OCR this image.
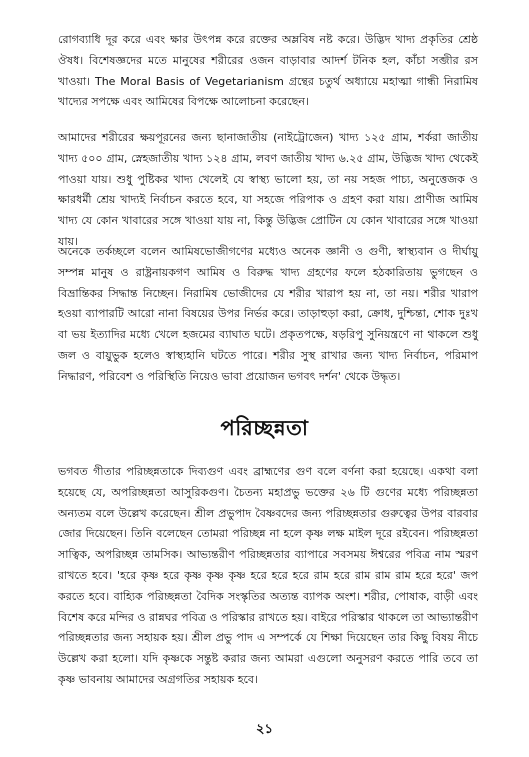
রোগব্যাধি দূর করে এবং ক্ষার উৎপন্ন করে রক্তের অম্লবিষ নষ্ট করে। উদ্ভিদ খাদ্য প্রকৃতির শ্রেষ্ঠ ঔষধ। বিশেষজ্ঞদের মতে মানুষের শরীরের ওজন বাড়াবার আদর্শ টনিক হল, কাঁচা সব্জীর রস খাওয়া। The Moral Basis of Vegetarianism গ্রন্থের চতুর্থ অধ্যায়ে মহাত্মা গান্ধী নিরামিষ খাদ্যের সপক্ষে এবং আমিষের বিপক্ষে আলোচনা করেছেন।

আমাদের শরীরের ক্ষয়পূরনের জন্য ছানাজাতীয় (নাইট্রোজেন) খাদ্য ১২৫ গ্রাম, শর্করা জাতীয় খাদ্য ৫০০ গ্রাম, স্নেহজাতীয় খাদ্য ১২৪ গ্রাম, লবণ জাতীয় খাদ্য ৬.২৫ গ্রাম, উদ্ভিজ খাদ্য থেকেই পাওয়া যায়। শুধু পুষ্টিকর খাদ্য খেলেই যে স্বাস্থ্য ভালো হয়, তা নয় সহজ পাচ্য, অনুত্তেজক ও ক্ষারধর্মী শ্রেয় খাদ্যই নির্বাচন করতে হবে, যা সহজে পরিপাক ও গ্রহণ করা যায়। প্রাণীজ আমিষ খাদ্য যে কোন খাবারের সঙ্গে খাওয়া যায় না, কিন্তু উদ্ভিজ প্রোটিন যে কোন খাবারের সঙ্গে খাওয়া যায়।

অনেকে তর্কচ্ছলে বলেন আমিষভোজীগণের মধ্যেও অনেক জ্ঞানী ও গুণী, স্বাস্থ্যবান ও দীর্ঘায়ু সম্পন্ন মানুষ ও রাষ্ট্রনায়কগণ আমিষ ও বিরুদ্ধ খাদ্য গ্রহণের ফলে হঠকারিতায় ভুগছেন ও বিভ্রান্তিকর সিদ্ধান্ত নিচ্ছেন। নিরামিষ ভোজীদের যে শরীর খারাপ হয় না, তা নয়। শরীর খারাপ হওয়া ব্যাপারটি আরো নানা বিষয়ের উপর নির্ভর করে। তাড়াহুড়া করা, ক্রোধ, দুশ্চিন্তা, শোক দুঃখ বা ভয় ইত্যাদির মধ্যে খেলে হজমের ব্যাঘাত ঘটে। প্রকৃতপক্ষে, ষড়রিপু সুনিয়ন্ত্রণে না থাকলে শুধু জল ও বায়ুভুক হলেও স্বাস্থ্যহানি ঘটতে পারে। শরীর সুস্থ রাখার জন্য খাদ্য নির্বাচন, পরিমাপ নিদ্ধারণ, পরিবেশ ও পরিস্থিতি নিয়েও ভাবা প্রয়োজন ভগবৎ দর্শন' থেকে উদ্ধৃত।

পরিচ্ছন্নতা

ভগবত গীতার পরিচ্ছন্নতাকে দিব্যগুণ এবং ব্রাহ্মণের গুণ বলে বর্ণনা করা হয়েছে। একথা বলা হয়েছে যে, অপরিচ্ছন্নতা আসুরিকগুণ। চৈতন্য মহাপ্রভু ভক্তের ২৬ টি গুণের মধ্যে পরিচ্ছন্নতা অন্যতম বলে উল্লেখ করেছেন। শ্রীল প্রভুপাদ বৈষ্ণবদের জন্য পরিচ্ছন্নতার গুরুত্বের উপর বারবার জোর দিয়েছেন। তিনি বলেছেন তোমরা পরিচ্ছন্ন না হলে কৃষ্ণ লক্ষ মাইল দূরে রইবেন। পরিচ্ছন্নতা সাত্বিক, অপরিচ্ছন্ন তামসিক। আভ্যন্তরীণ পরিচ্ছন্নতার ব্যাপারে সবসময় ঈশ্বরের পবিত্র নাম স্মরণ রাখতে হবে। 'হরে কৃষ্ণ হরে কৃষ্ণ কৃষ্ণ কৃষ্ণ হরে হরে হরে রাম হরে রাম রাম রাম হরে হরে' জপ করতে হবে। বাহ্যিক পরিচ্ছন্নতা বৈদিক সংস্কৃতির অত্যন্ত ব্যাপক অংশ। শরীর, পোষাক, বাড়ী এবং বিশেষ করে মন্দির ও রান্নঘর পবিত্র ও পরিস্কার রাখতে হয়। বাইরে পরিস্কার থাকলে তা আভ্যান্তরীণ পরিচ্ছন্নতার জন্য সহায়ক হয়। শ্রীল প্রভু পাদ এ সম্পর্কে যে শিক্ষা দিয়েছেন তার কিছু বিষয় নীচে উল্লেখ করা হলো। যদি কৃষ্ণকে সন্তুষ্ট করার জন্য আমরা এগুলো অনুসরণ করতে পারি তবে তা কৃষ্ণ ভাবনায় আমাদের অগ্রগতির সহায়ক হবে।

২১
